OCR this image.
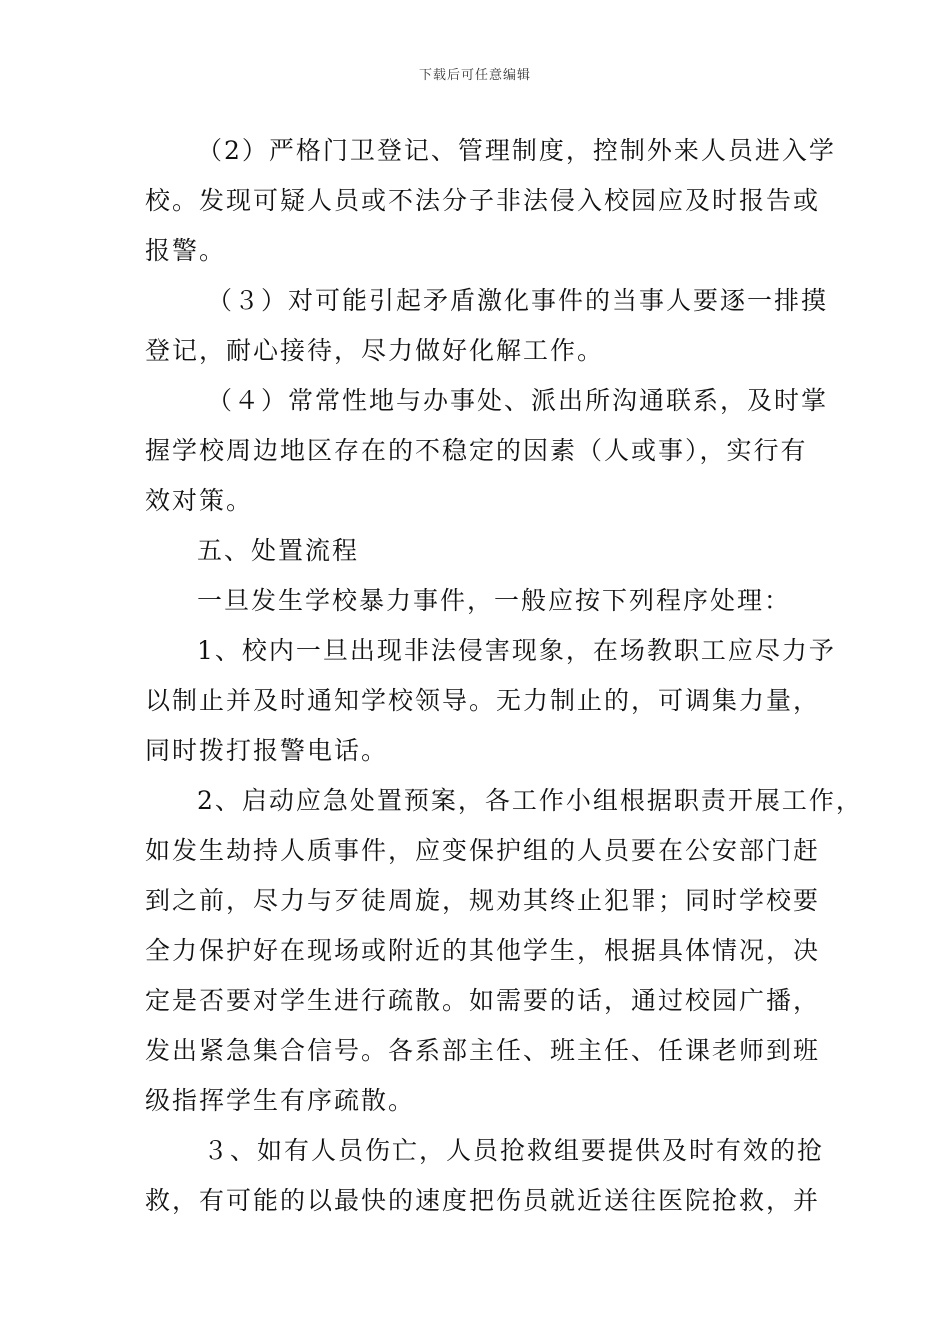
下载后可任意编辑

（2）严格门卫登记、管理制度，控制外来人员进入学
校。发现可疑人员或不法分子非法侵入校园应及时报告或
报警。

（３）对可能引起矛盾激化事件的当事人要逐一排摸
登记，耐心接待，尽力做好化解工作。

（４）常常性地与办事处、派出所沟通联系，及时掌
握学校周边地区存在的不稳定的因素（人或事），实行有
效对策。

五、处置流程

一旦发生学校暴力事件，一般应按下列程序处理：

1、校内一旦出现非法侵害现象，在场教职工应尽力予
以制止并及时通知学校领导。无力制止的，可调集力量，
同时拨打报警电话。

2、启动应急处置预案，各工作小组根据职责开展工作，
如发生劫持人质事件，应变保护组的人员要在公安部门赶
到之前，尽力与歹徒周旋，规劝其终止犯罪；同时学校要
全力保护好在现场或附近的其他学生，根据具体情况，决
定是否要对学生进行疏散。如需要的话，通过校园广播，
发出紧急集合信号。各系部主任、班主任、任课老师到班
级指挥学生有序疏散。

３、如有人员伤亡，人员抢救组要提供及时有效的抢
救，有可能的以最快的速度把伤员就近送往医院抢救，并
